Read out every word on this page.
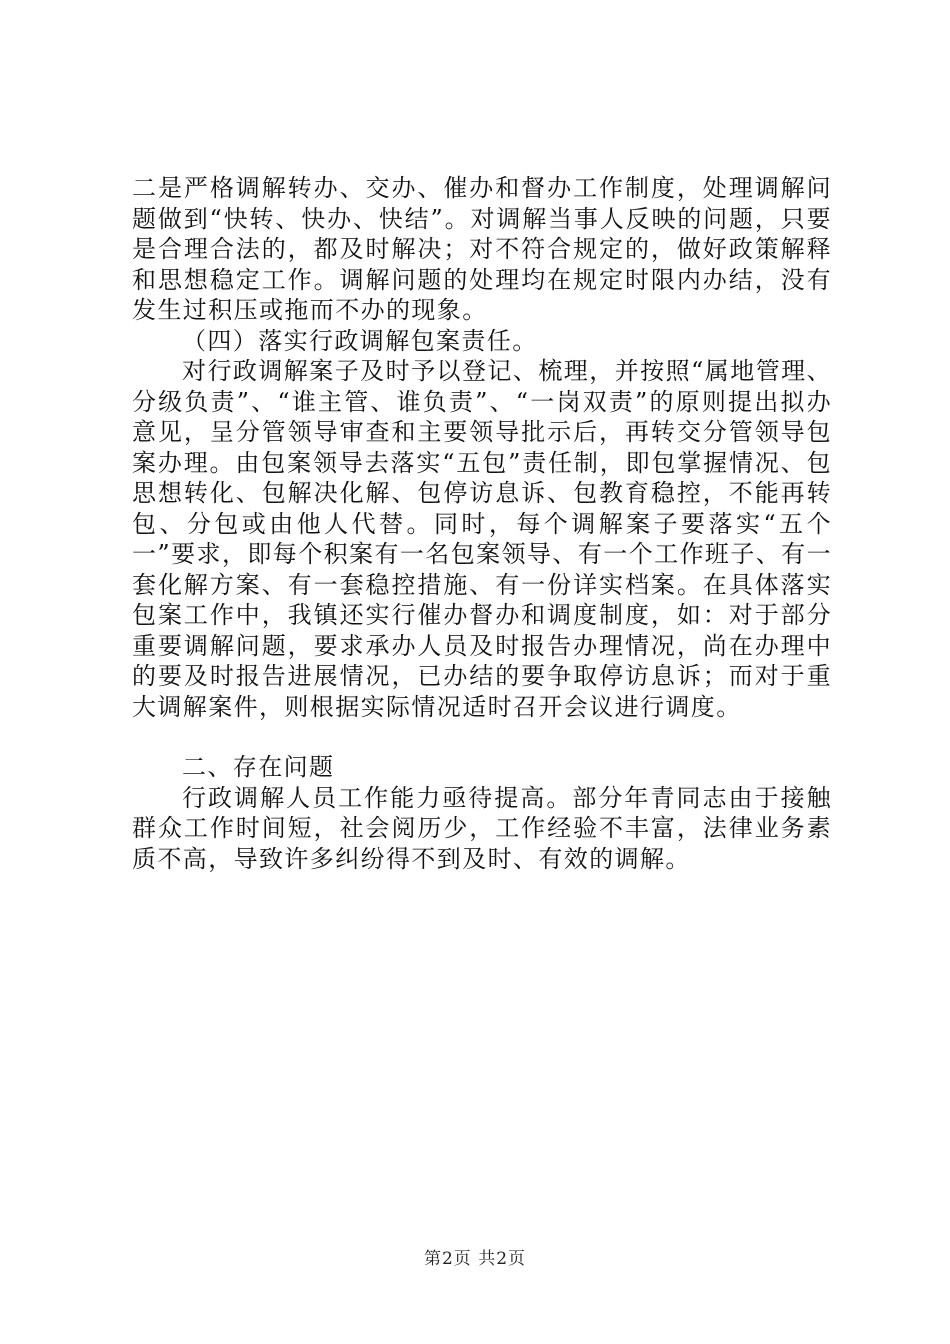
二是严格调解转办、交办、催办和督办工作制度，处理调解问题做到“快转、快办、快结”。对调解当事人反映的问题，只要是合理合法的，都及时解决；对不符合规定的，做好政策解释和思想稳定工作。调解问题的处理均在规定时限内办结，没有发生过积压或拖而不办的现象。

（四）落实行政调解包案责任。

对行政调解案子及时予以登记、梳理，并按照“属地管理、分级负责”、“谁主管、谁负责”、“一岗双责”的原则提出拟办意见，呈分管领导审查和主要领导批示后，再转交分管领导包案办理。由包案领导去落实“五包”责任制，即包掌握情况、包思想转化、包解决化解、包停访息诉、包教育稳控，不能再转包、分包或由他人代替。同时，每个调解案子要落实“五个一”要求，即每个积案有一名包案领导、有一个工作班子、有一套化解方案、有一套稳控措施、有一份详实档案。在具体落实包案工作中，我镇还实行催办督办和调度制度，如：对于部分重要调解问题，要求承办人员及时报告办理情况，尚在办理中的要及时报告进展情况，已办结的要争取停访息诉；而对于重大调解案件，则根据实际情况适时召开会议进行调度。

二、存在问题

行政调解人员工作能力亟待提高。部分年青同志由于接触群众工作时间短，社会阅历少，工作经验不丰富，法律业务素质不高，导致许多纠纷得不到及时、有效的调解。

第2页 共2页
